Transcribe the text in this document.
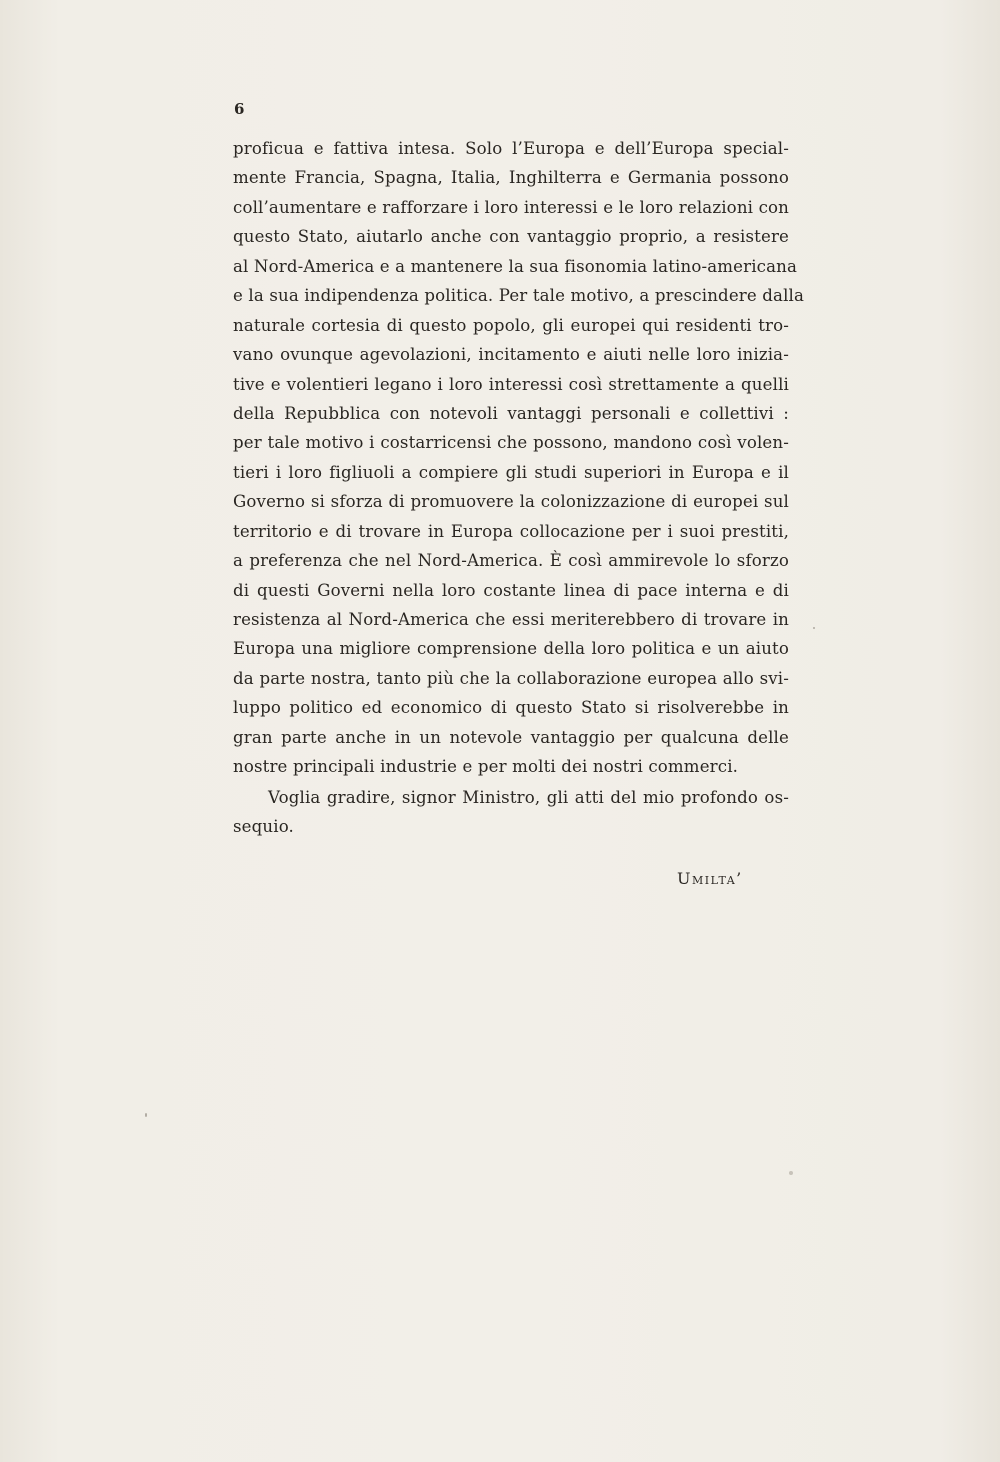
6
proficua e fattiva intesa. Solo l’Europa e dell’Europa special-
mente Francia, Spagna, Italia, Inghilterra e Germania possono
coll’aumentare e rafforzare i loro interessi e le loro relazioni con
questo Stato, aiutarlo anche con vantaggio proprio, a resistere
al Nord-America e a mantenere la sua fisonomia latino-americana
e la sua indipendenza politica. Per tale motivo, a prescindere dalla
naturale cortesia di questo popolo, gli europei qui residenti tro-
vano ovunque agevolazioni, incitamento e aiuti nelle loro inizia-
tive e volentieri legano i loro interessi così strettamente a quelli
della Repubblica con notevoli vantaggi personali e collettivi :
per tale motivo i costarricensi che possono, mandono così volen-
tieri i loro figliuoli a compiere gli studi superiori in Europa e il
Governo si sforza di promuovere la colonizzazione di europei sul
territorio e di trovare in Europa collocazione per i suoi prestiti,
a preferenza che nel Nord-America. È così ammirevole lo sforzo
di questi Governi nella loro costante linea di pace interna e di
resistenza al Nord-America che essi meriterebbero di trovare in
Europa una migliore comprensione della loro politica e un aiuto
da parte nostra, tanto più che la collaborazione europea allo svi-
luppo politico ed economico di questo Stato si risolverebbe in
gran parte anche in un notevole vantaggio per qualcuna delle
nostre principali industrie e per molti dei nostri commerci.
Voglia gradire, signor Ministro, gli atti del mio profondo os-
sequio.
Umilta’
